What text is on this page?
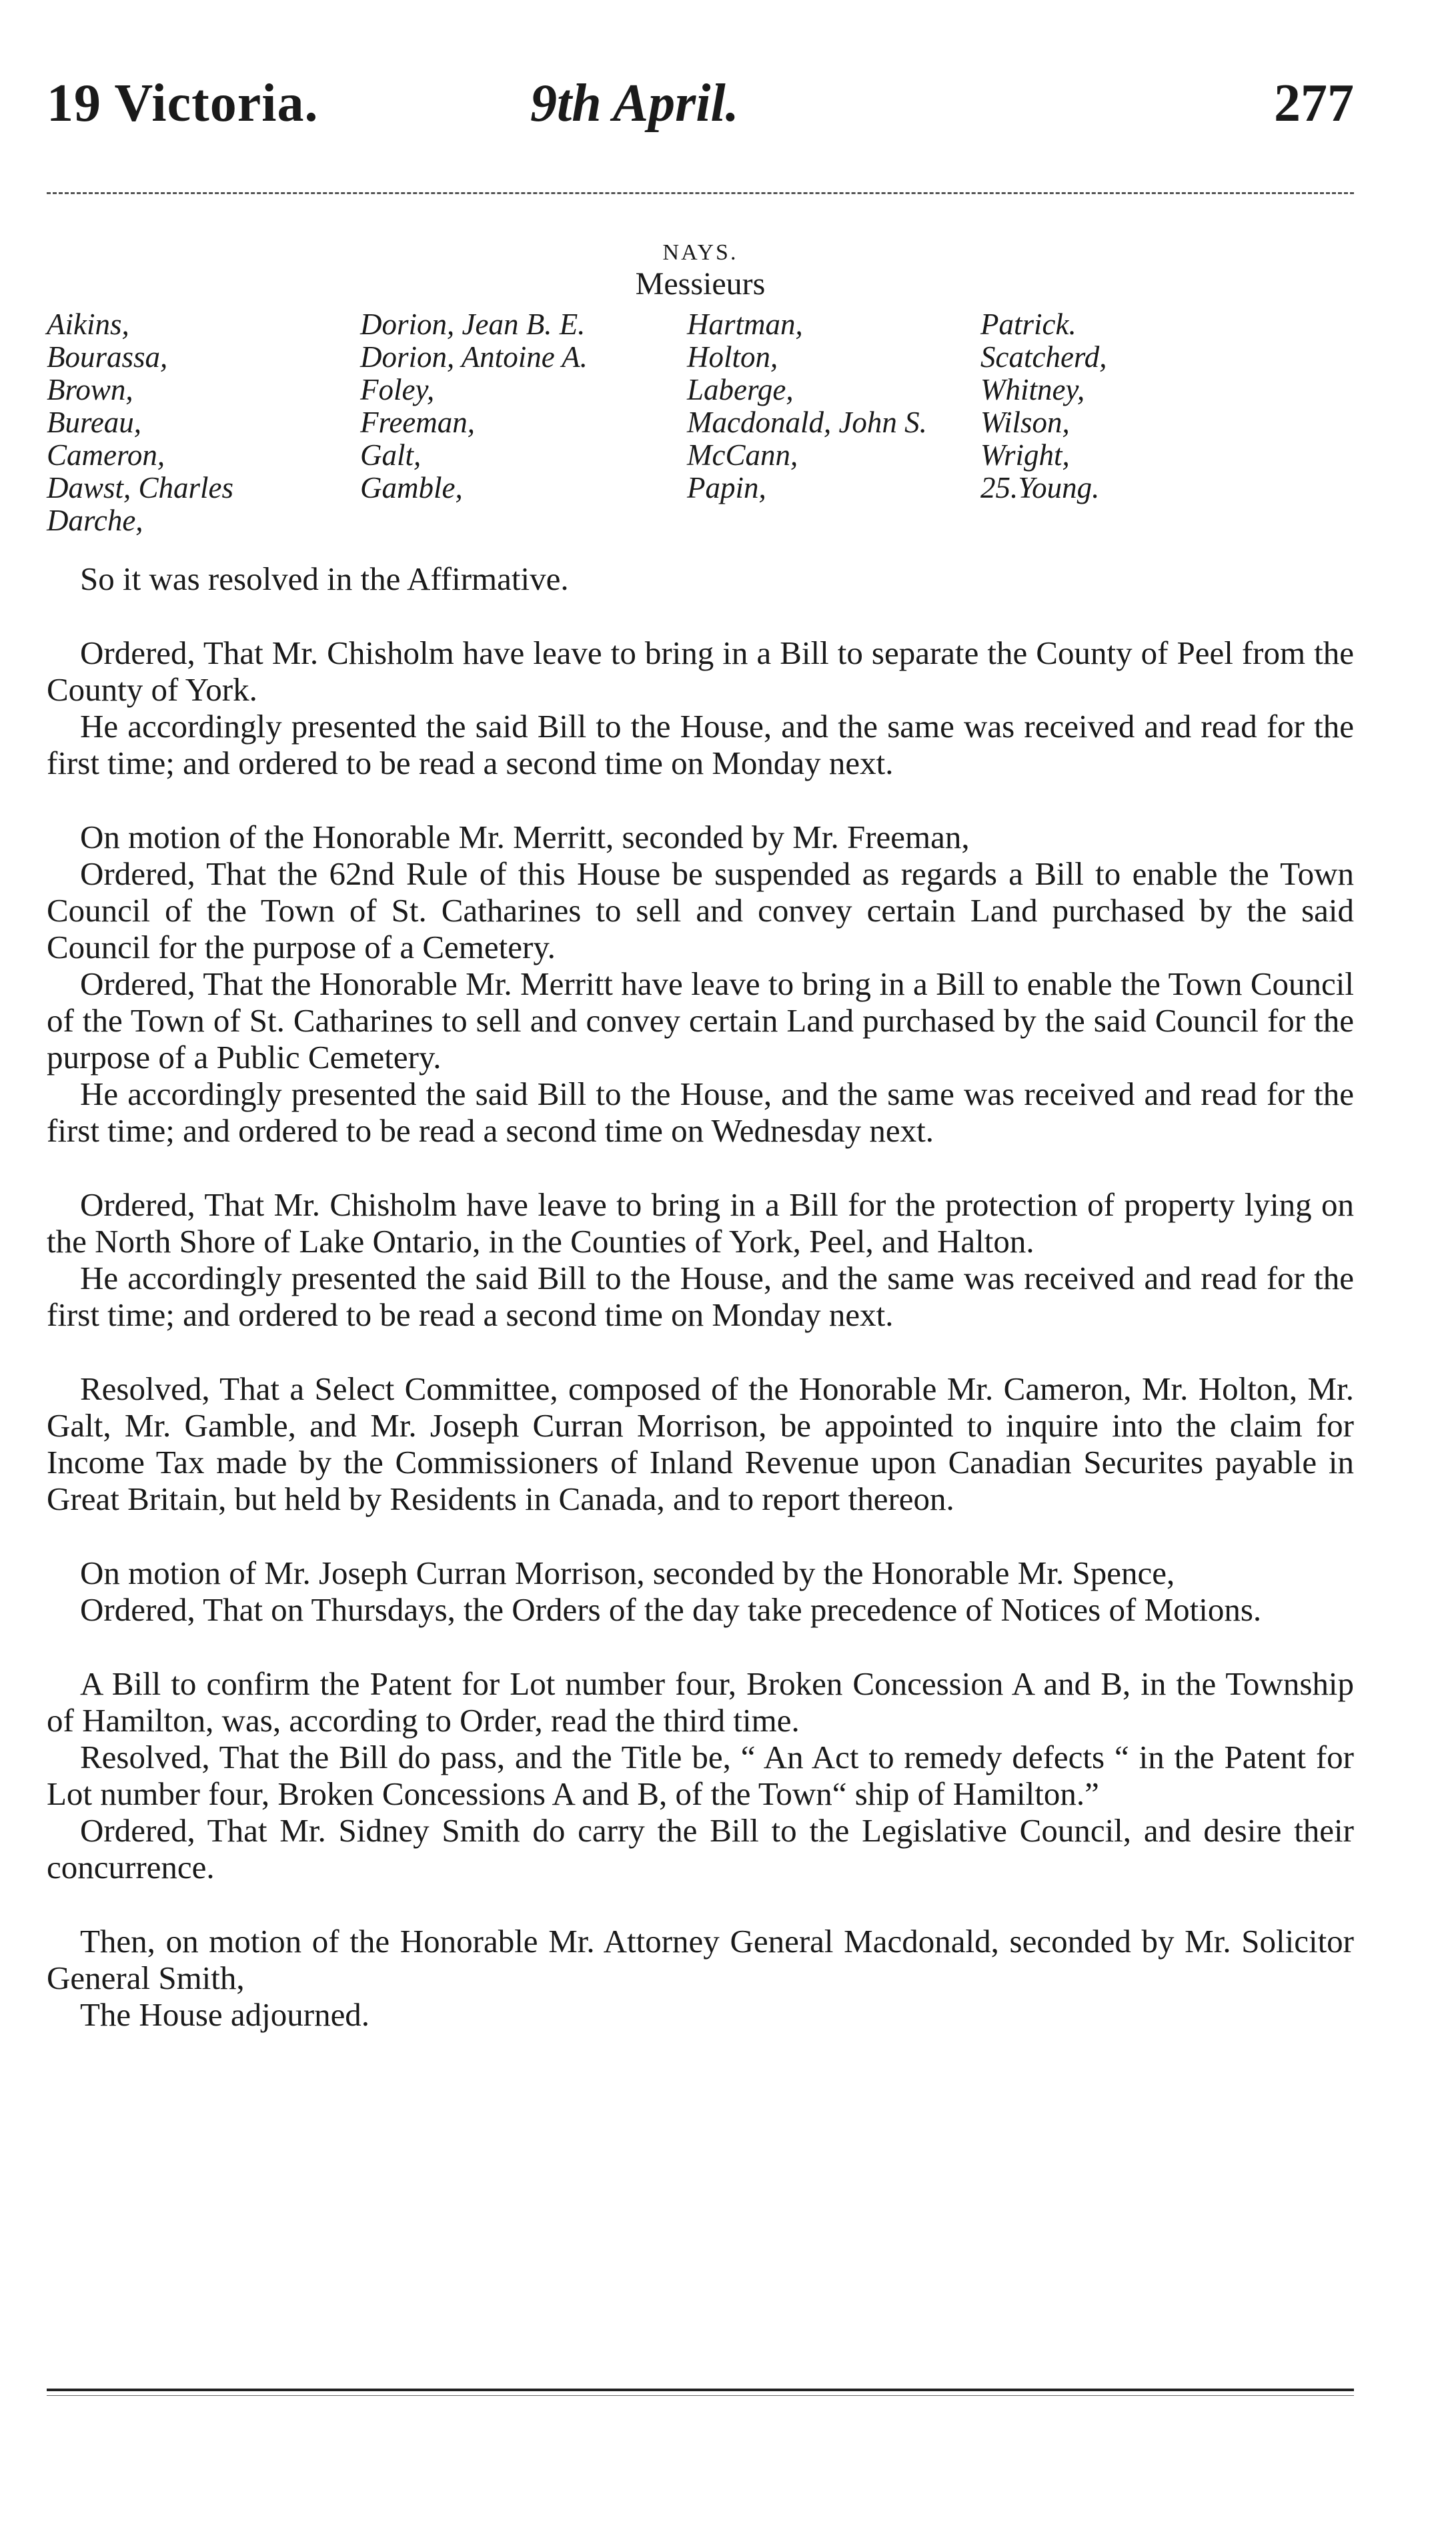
19 Victoria.	9th April.	277
NAYS.
Messieurs
Aikins,
Bourassa,
Brown,
Bureau,
Cameron,
Dawst, Charles
Darche,
Dorion, Jean B. E.
Dorion, Antoine A.
Foley,
Freeman,
Galt,
Gamble,
Hartman,
Holton,
Laberge,
Macdonald, John S.
McCann,
Papin,
Patrick.
Scatcherd,
Whitney,
Wilson,
Wright,
25.Young.

So it was resolved in the Affirmative.

Ordered, That Mr. Chisholm have leave to bring in a Bill to separate the County of Peel from the County of York.

He accordingly presented the said Bill to the House, and the same was received and read for the first time; and ordered to be read a second time on Monday next.

On motion of the Honorable Mr. Merritt, seconded by Mr. Freeman,

Ordered, That the 62nd Rule of this House be suspended as regards a Bill to enable the Town Council of the Town of St. Catharines to sell and convey certain Land purchased by the said Council for the purpose of a Cemetery.

Ordered, That the Honorable Mr. Merritt have leave to bring in a Bill to enable the Town Council of the Town of St. Catharines to sell and convey certain Land purchased by the said Council for the purpose of a Public Cemetery.

He accordingly presented the said Bill to the House, and the same was received and read for the first time; and ordered to be read a second time on Wednesday next.

Ordered, That Mr. Chisholm have leave to bring in a Bill for the protection of property lying on the North Shore of Lake Ontario, in the Counties of York, Peel, and Halton.

He accordingly presented the said Bill to the House, and the same was received and read for the first time; and ordered to be read a second time on Monday next.

Resolved, That a Select Committee, composed of the Honorable Mr. Cameron, Mr. Holton, Mr. Galt, Mr. Gamble, and Mr. Joseph Curran Morrison, be appointed to inquire into the claim for Income Tax made by the Commissioners of Inland Revenue upon Canadian Securites payable in Great Britain, but held by Residents in Canada, and to report thereon.

On motion of Mr. Joseph Curran Morrison, seconded by the Honorable Mr. Spence,

Ordered, That on Thursdays, the Orders of the day take precedence of Notices of Motions.

A Bill to confirm the Patent for Lot number four, Broken Concession A and B, in the Township of Hamilton, was, according to Order, read the third time.

Resolved, That the Bill do pass, and the Title be, “ An Act to remedy defects “ in the Patent for Lot number four, Broken Concessions A and B, of the Town“ ship of Hamilton.”

Ordered, That Mr. Sidney Smith do carry the Bill to the Legislative Council, and desire their concurrence.

Then, on motion of the Honorable Mr. Attorney General Macdonald, seconded by Mr. Solicitor General Smith,

The House adjourned.
